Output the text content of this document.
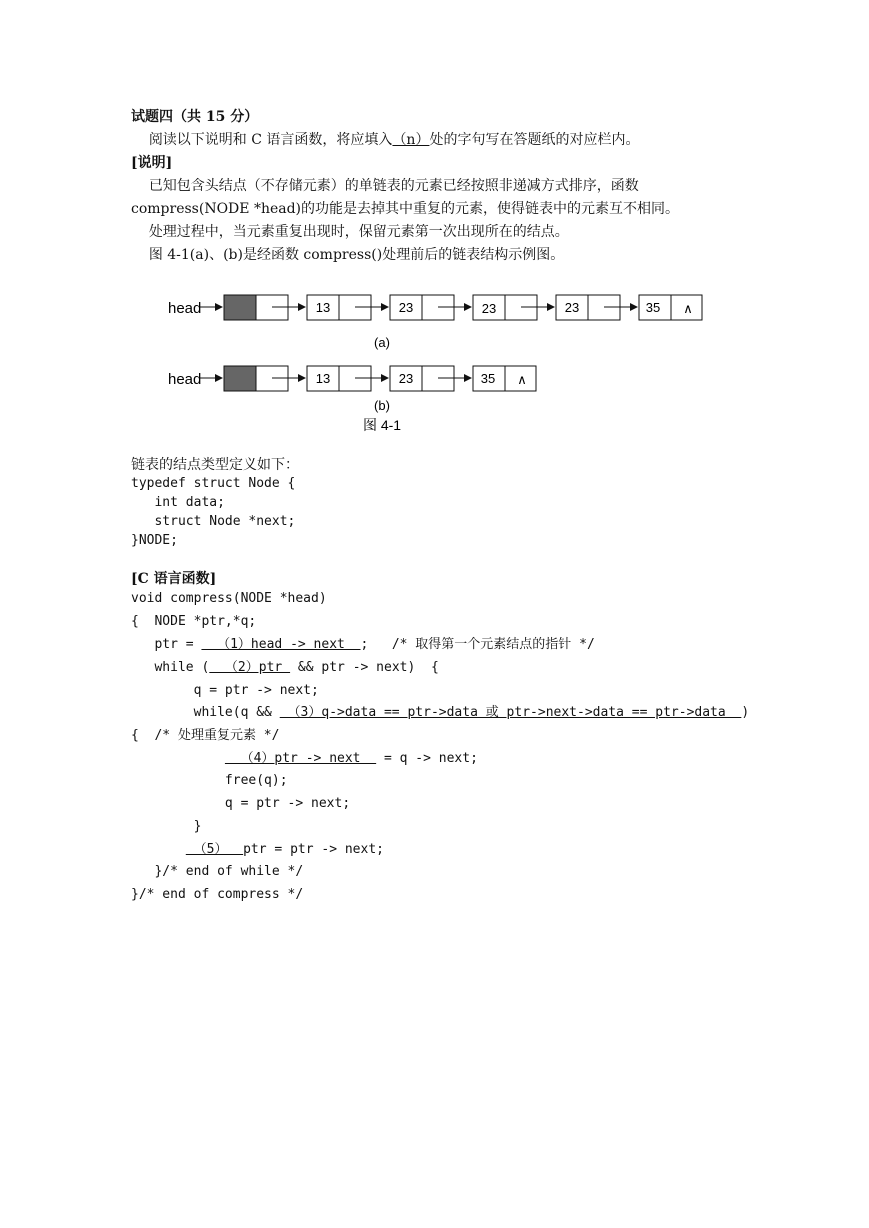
试题四（共 15 分）
阅读以下说明和 C 语言函数，将应填入（n）处的字句写在答题纸的对应栏内。
[说明]
已知包含头结点（不存储元素）的单链表的元素已经按照非递减方式排序，函数
compress(NODE *head)的功能是去掉其中重复的元素，使得链表中的元素互不相同。
处理过程中，当元素重复出现时，保留元素第一次出现所在的结点。
图 4-1(a)、(b)是经函数 compress()处理前后的链表结构示例图。
head	13	23	23	23	35 ∧
(a)
head	13	23	35 ∧
(b)
图 4-1
链表的结点类型定义如下：
typedef struct Node {
int data;
struct Node *next;
}NODE;
[C 语言函数]
void compress(NODE *head)
{  NODE *ptr,*q;
ptr =   （1）head -> next  ;   /* 取得第一个元素结点的指针 */
while (  （2）ptr  && ptr -> next)  {
q = ptr -> next;
while(q &&  （3）q->data == ptr->data 或 ptr->next->data == ptr->data  )
{  /* 处理重复元素 */
（4）ptr -> next   = q -> next;
free(q);
q = ptr -> next;
}
（5）  ptr = ptr -> next;
}/* end of while */
}/* end of compress */
